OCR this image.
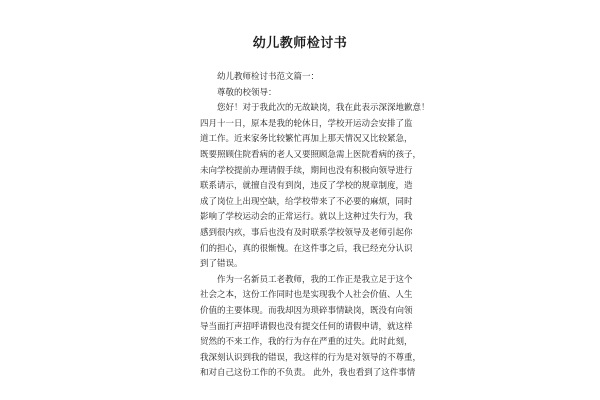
幼儿教师检讨书
幼儿教师检讨书范文篇一：
尊敬的校领导：
您好！对于我此次的无故缺岗，我在此表示深深地歉意！
四月十一日，原本是我的轮休日，学校开运动会安排了监
道工作。近来家务比较繁忙再加上那天情况又比较紧急，
既要照顾住院看病的老人又要照顾急需上医院看病的孩子，
未向学校提前办理请假手续，期间也没有积极向领导进行
联系请示，就擅自没有到岗，违反了学校的规章制度，造
成了岗位上出现空缺，给学校带来了不必要的麻烦，同时
影响了学校运动会的正常运行。就以上这种过失行为，我
感到很内疚，事后也没有及时联系学校领导及老师引起你
们的担心，真的很惭愧。在这件事之后，我已经充分认识
到了错误。
作为一名新员工老教师，我的工作正是我立足于这个
社会之本，这份工作同时也是实现我个人社会价值、人生
价值的主要体现。而我却因为琐碎事情缺岗，既没有向领
导当面打声招呼请假也没有提交任何的请假申请，就这样
贸然的不来工作，我的行为存在严重的过失。此时此刻，
我深刻认识到我的错误，我这样的行为是对领导的不尊重，
和对自己这份工作的不负责。 此外，我也看到了这件事情
